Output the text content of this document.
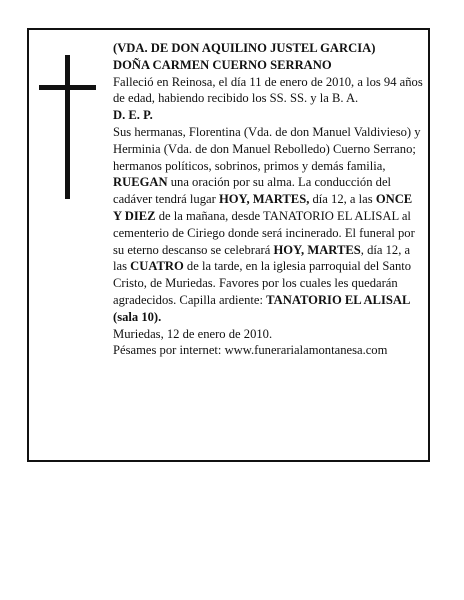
(VDA. DE DON AQUILINO JUSTEL GARCIA)

DOÑA CARMEN CUERNO SERRANO

Falleció en Reinosa, el día 11 de enero de 2010, a los 94 años de edad, habiendo recibido los SS. SS. y la B. A.

D. E. P.

Sus hermanas, Florentina (Vda. de don Manuel Valdivieso) y Herminia (Vda. de don Manuel Rebolledo) Cuerno Serrano; hermanos políticos, sobrinos, primos y demás familia,

RUEGAN una oración por su alma. La conducción del cadáver tendrá lugar HOY, MARTES, día 12, a las ONCE Y DIEZ de la mañana, desde TANATORIO EL ALISAL al cementerio de Ciriego donde será incinerado. El funeral por su eterno descanso se celebrará HOY, MARTES, día 12, a las CUATRO de la tarde, en la iglesia parroquial del Santo Cristo, de Muriedas. Favores por los cuales les quedarán agradecidos. Capilla ardiente: TANATORIO EL ALISAL (sala 10).

Muriedas, 12 de enero de 2010.

Pésames por internet: www.funerarialamontanesa.com
